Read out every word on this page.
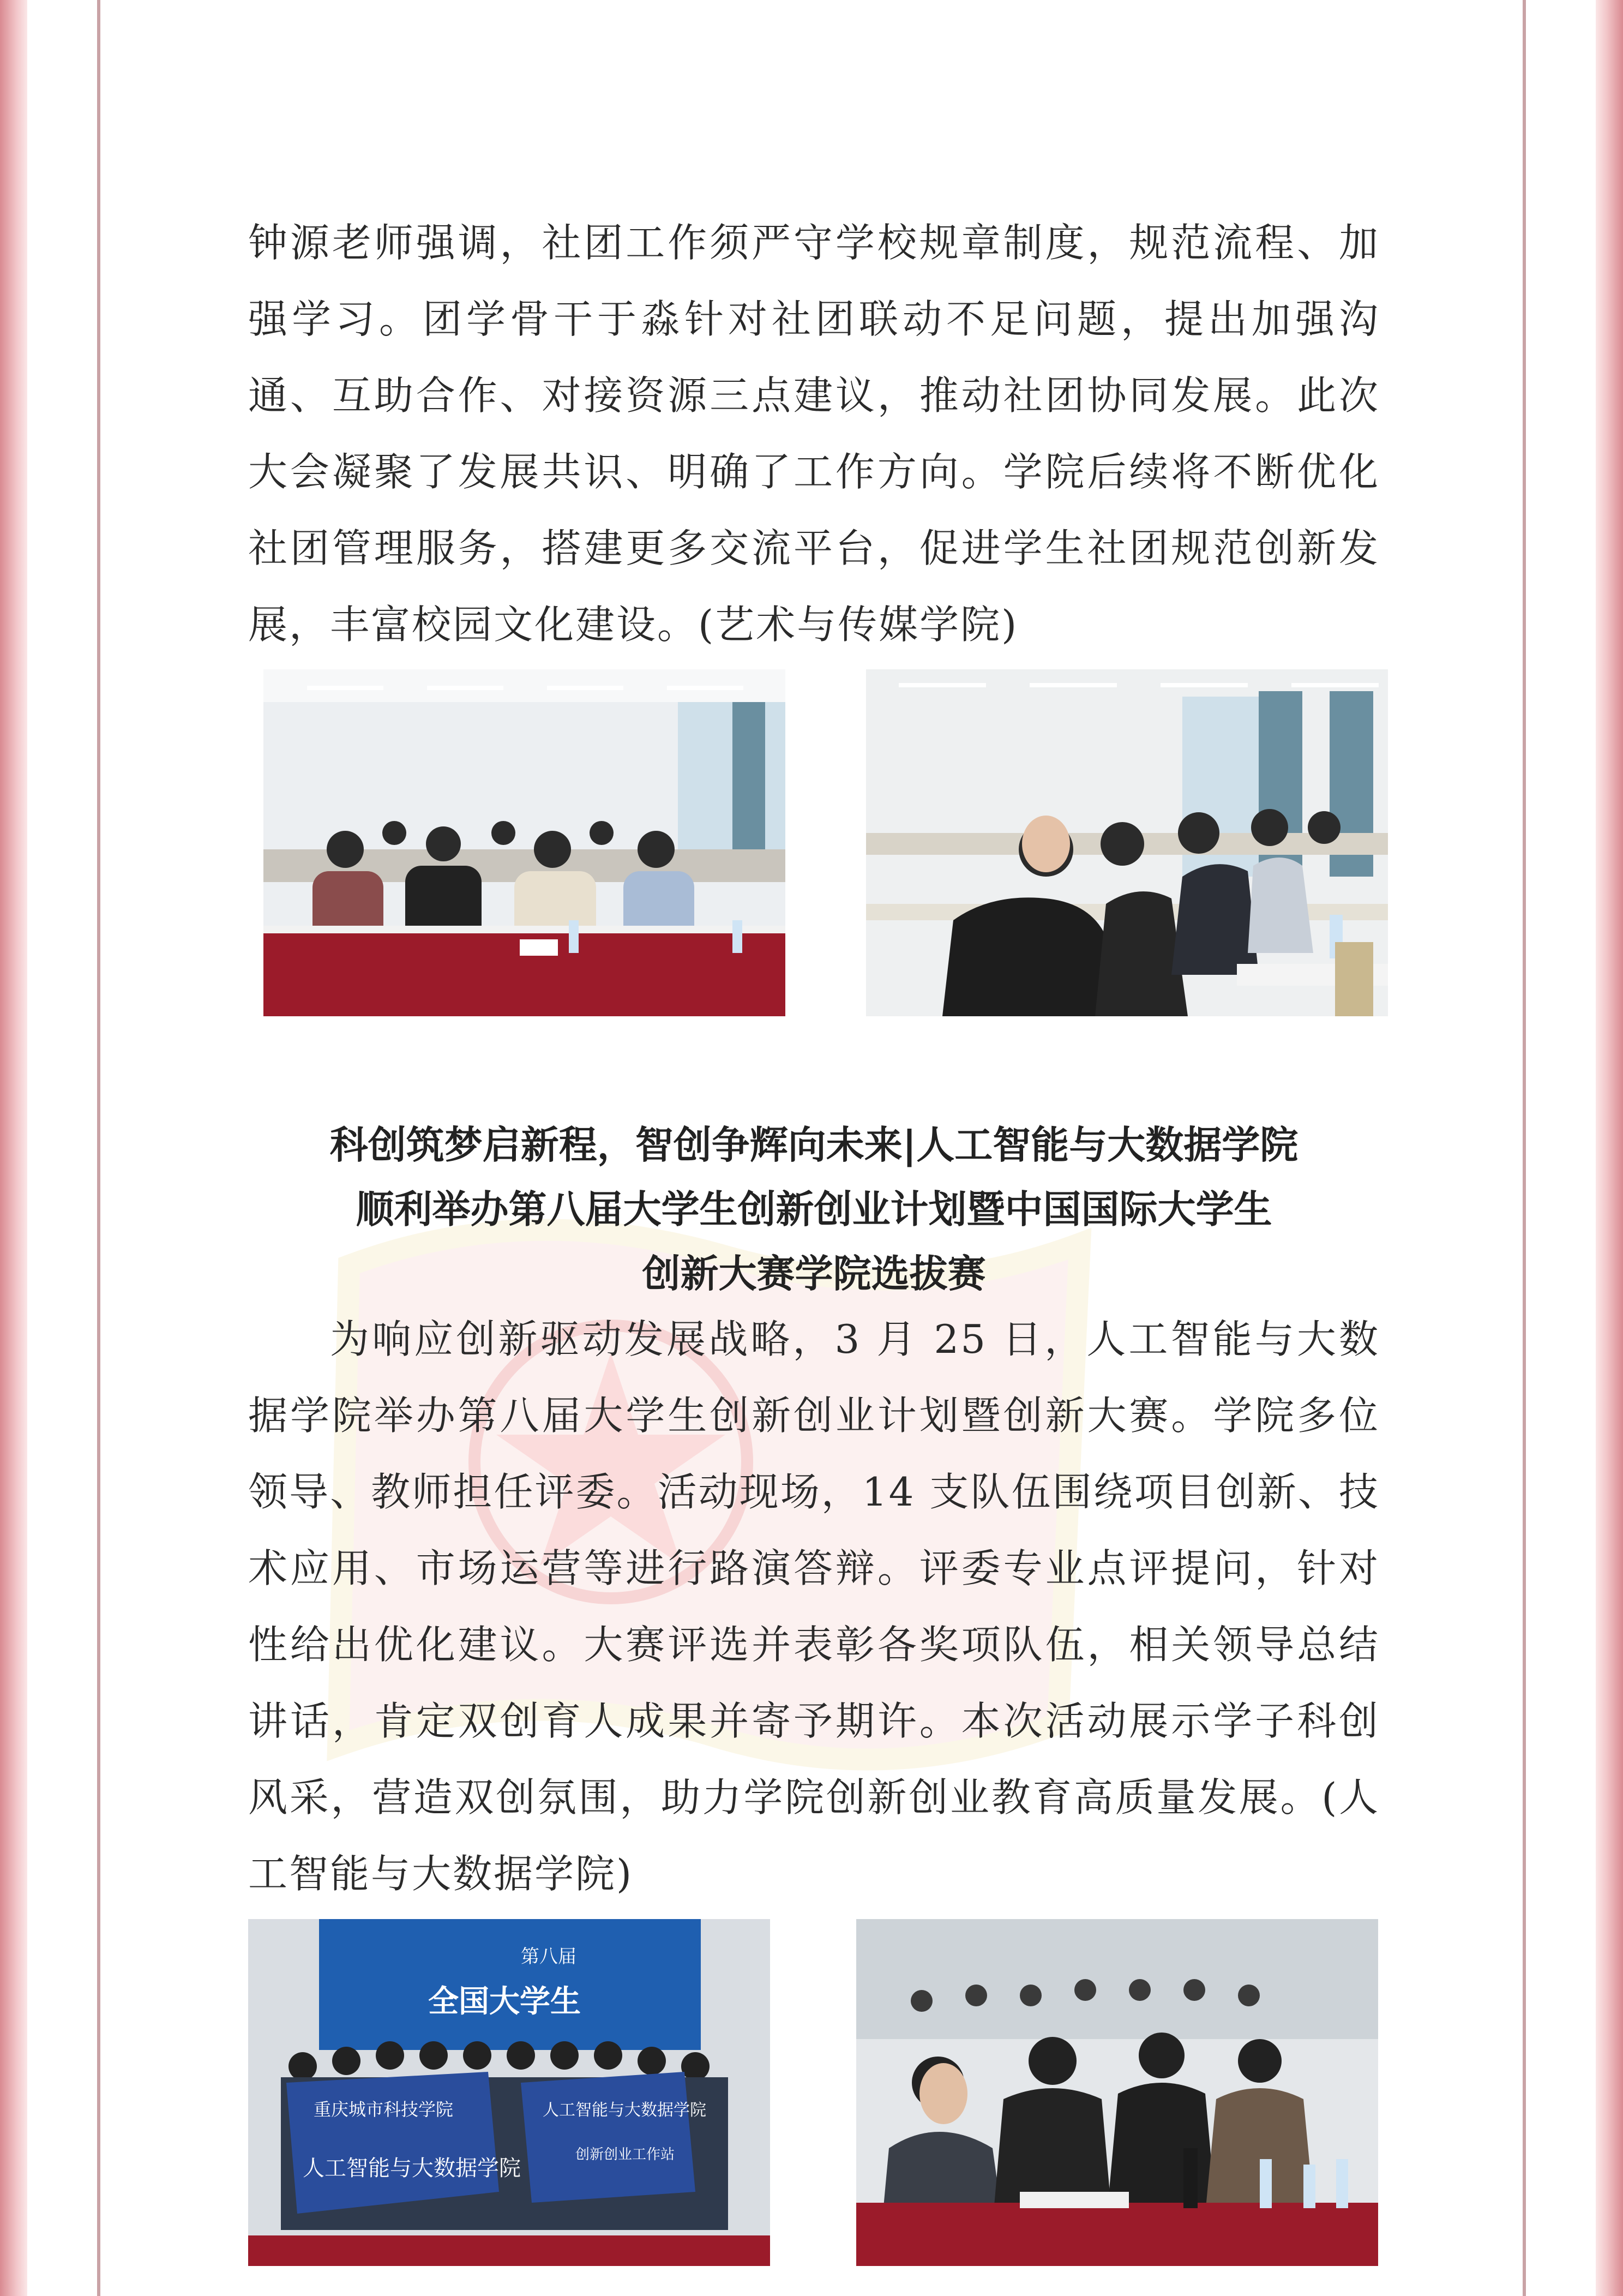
钟源老师强调，社团工作须严守学校规章制度，规范流程、加强学习。团学骨干于淼针对社团联动不足问题，提出加强沟通、互助合作、对接资源三点建议，推动社团协同发展。此次大会凝聚了发展共识、明确了工作方向。学院后续将不断优化社团管理服务，搭建更多交流平台，促进学生社团规范创新发展，丰富校园文化建设。(艺术与传媒学院)

科创筑梦启新程，智创争辉向未来|人工智能与大数据学院
顺利举办第八届大学生创新创业计划暨中国国际大学生
创新大赛学院选拔赛

为响应创新驱动发展战略，3 月 25 日，人工智能与大数据学院举办第八届大学生创新创业计划暨创新大赛。学院多位领导、教师担任评委。活动现场，14 支队伍围绕项目创新、技术应用、市场运营等进行路演答辩。评委专业点评提问，针对性给出优化建议。大赛评选并表彰各奖项队伍，相关领导总结讲话，肯定双创育人成果并寄予期许。本次活动展示学子科创风采，营造双创氛围，助力学院创新创业教育高质量发展。(人工智能与大数据学院)

第八届
全国大学生
重庆城市科技学院
人工智能与大数据学院
人工智能与大数据学院
创新创业工作站
